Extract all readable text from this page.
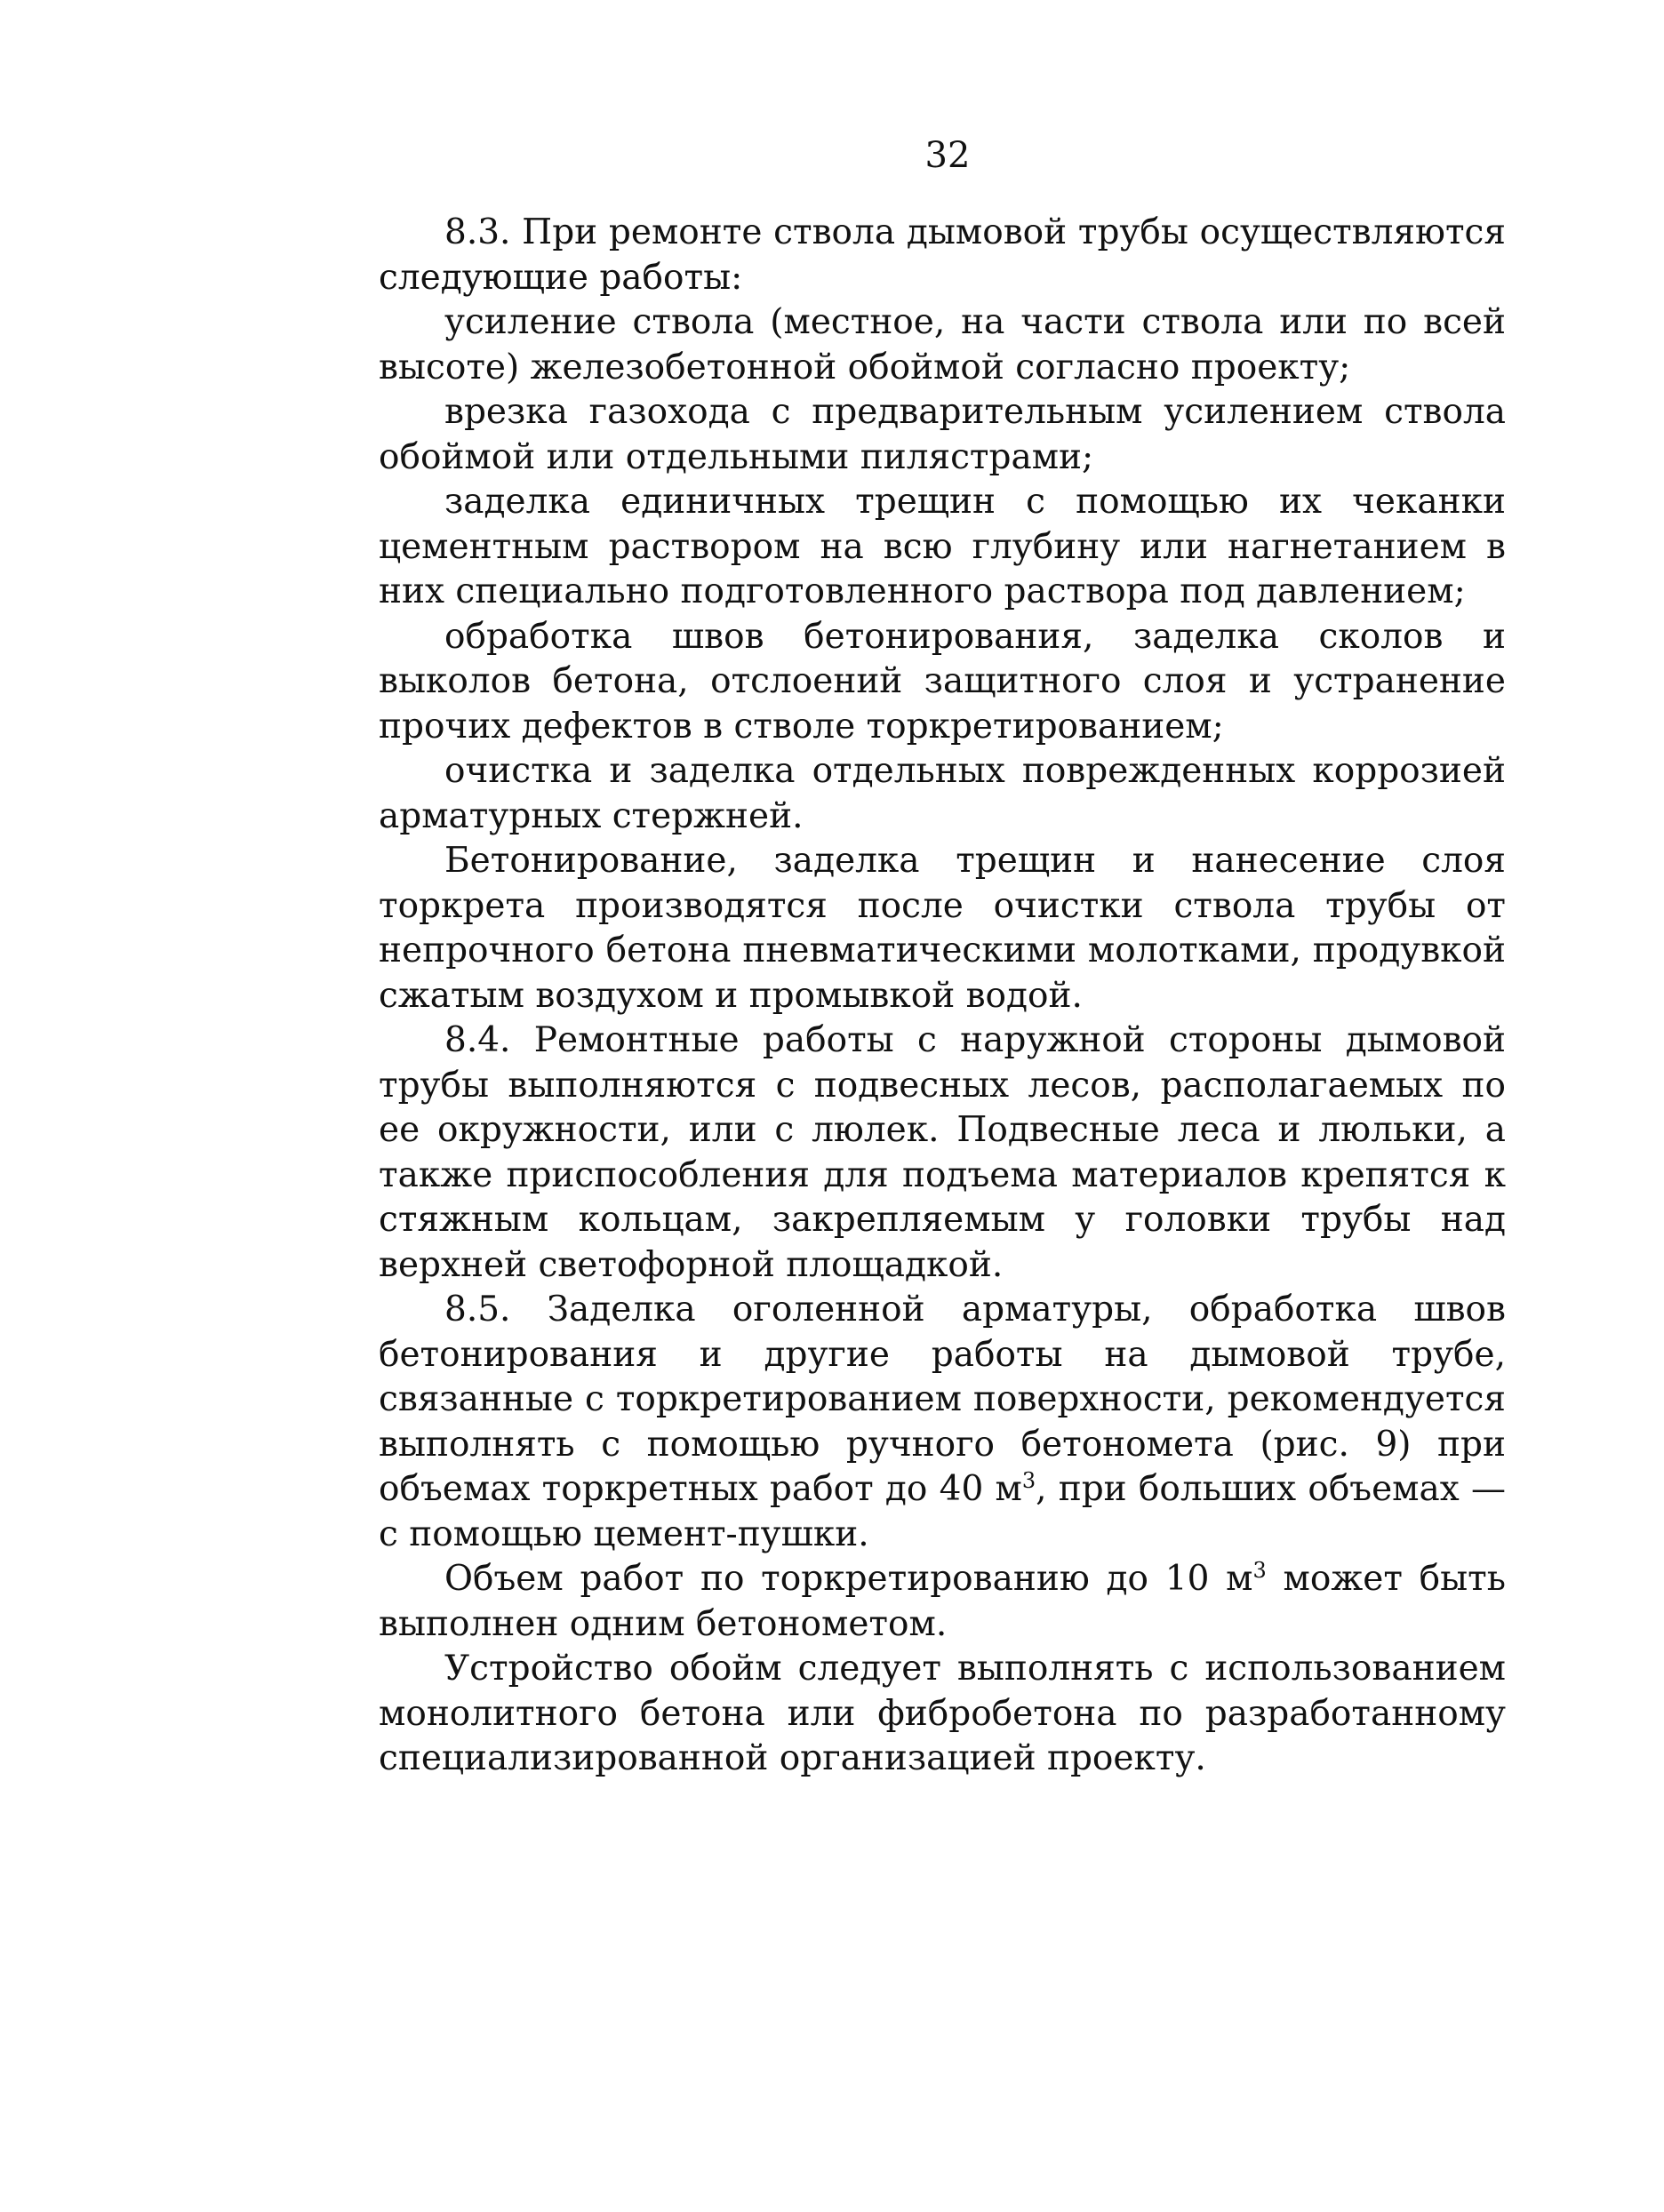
32

8.3. При ремонте ствола дымовой трубы осуществляются следующие работы:

усиление ствола (местное, на части ствола или по всей высоте) железобетонной обоймой согласно проекту;

врезка газохода с предварительным усилением ствола обоймой или отдельными пилястрами;

заделка единичных трещин с помощью их чеканки цементным раствором на всю глубину или нагнетанием в них специально подготовленного раствора под давлением;

обработка швов бетонирования, заделка сколов и выколов бетона, отслоений защитного слоя и устранение прочих дефектов в стволе торкретированием;

очистка и заделка отдельных поврежденных коррозией арматурных стержней.

Бетонирование, заделка трещин и нанесение слоя торкрета производятся после очистки ствола трубы от непрочного бетона пневматическими молотками, продувкой сжатым воздухом и промывкой водой.

8.4. Ремонтные работы с наружной стороны дымовой трубы выполняются с подвесных лесов, располагаемых по ее окружности, или с люлек. Подвесные леса и люльки, а также приспособления для подъема материалов крепятся к стяжным кольцам, закрепляемым у головки трубы над верхней светофорной площадкой.

8.5. Заделка оголенной арматуры, обработка швов бетонирования и другие работы на дымовой трубе, связанные с торкретированием поверхности, рекомендуется выполнять с помощью ручного бетонометa (рис. 9) при объемах торкретных работ до 40 $м^3$, при больших объемах — с помощью цемент-пушки.

Объем работ по торкретированию до 10 $м^3$ может быть выполнен одним бетонометом.

Устройство обойм следует выполнять с использованием монолитного бетона или фибробетона по разработанному специализированной организацией проекту.
